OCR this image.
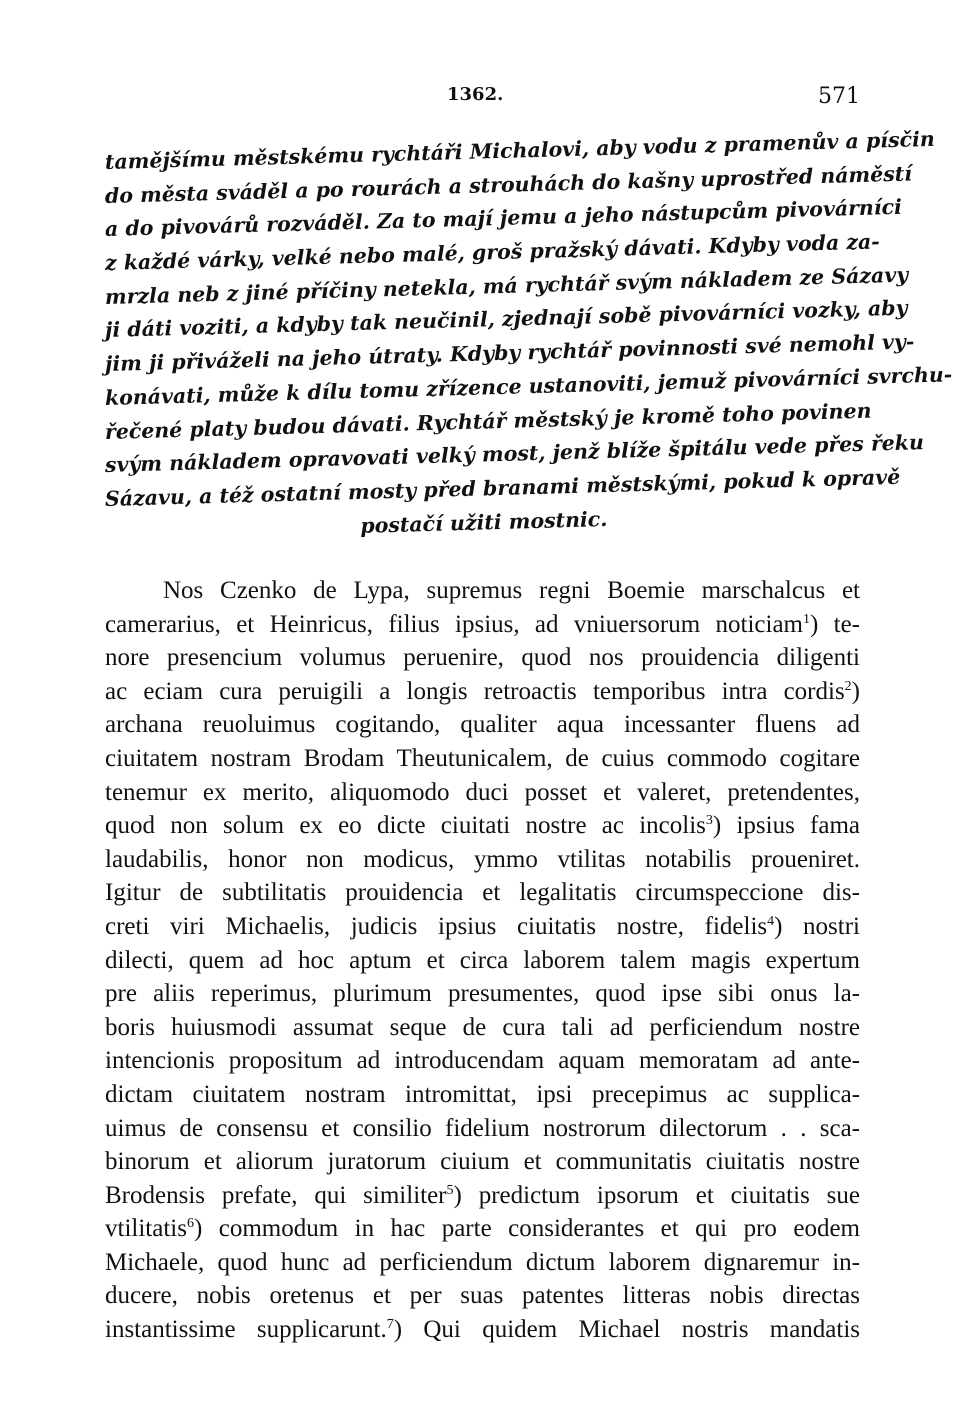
1362.	571
tamějšímu městskému rychtáři Michalovi, aby vodu z pramenův a písčin
do města sváděl a po rourách a strouhách do kašny uprostřed náměstí
a do pivovárů rozváděl. Za to mají jemu a jeho nástupcům pivovárníci
z každé várky, velké nebo malé, groš pražský dávati. Kdyby voda za-
mrzla neb z jiné příčiny netekla, má rychtář svým nákladem ze Sázavy
ji dáti voziti, a kdyby tak neučinil, zjednají sobě pivovárníci vozky, aby
jim ji přiváželi na jeho útraty. Kdyby rychtář povinnosti své nemohl vy-
konávati, může k dílu tomu zřízence ustanoviti, jemuž pivovárníci svrchu-
řečené platy budou dávati. Rychtář městský je kromě toho povinen
svým nákladem opravovati velký most, jenž blíže špitálu vede přes řeku
Sázavu, a též ostatní mosty před branami městskými, pokud k opravě
postačí užiti mostnic.
Nos Czenko de Lypa, supremus regni Boemie marschalcus et
camerarius, et Heinricus, filius ipsius, ad vniuersorum noticiam$^1$) te-
nore presencium volumus peruenire, quod nos prouidencia diligenti
ac eciam cura peruigili a longis retroactis temporibus intra cordis$^2$)
archana reuoluimus cogitando, qualiter aqua incessanter fluens ad
ciuitatem nostram Brodam Theutunicalem, de cuius commodo cogitare
tenemur ex merito, aliquomodo duci posset et valeret, pretendentes,
quod non solum ex eo dicte ciuitati nostre ac incolis$^3$) ipsius fama
laudabilis, honor non modicus, ymmo vtilitas notabilis proueniret.
Igitur de subtilitatis prouidencia et legalitatis circumspeccione dis-
creti viri Michaelis, judicis ipsius ciuitatis nostre, fidelis$^4$) nostri
dilecti, quem ad hoc aptum et circa laborem talem magis expertum
pre aliis reperimus, plurimum presumentes, quod ipse sibi onus la-
boris huiusmodi assumat seque de cura tali ad perficiendum nostre
intencionis propositum ad introducendam aquam memoratam ad ante-
dictam ciuitatem nostram intromittat, ipsi precepimus ac supplica-
uimus de consensu et consilio fidelium nostrorum dilectorum . . sca-
binorum et aliorum juratorum ciuium et communitatis ciuitatis nostre
Brodensis prefate, qui similiter$^5$) predictum ipsorum et ciuitatis sue
vtilitatis$^6$) commodum in hac parte considerantes et qui pro eodem
Michaele, quod hunc ad perficiendum dictum laborem dignaremur in-
ducere, nobis oretenus et per suas patentes litteras nobis directas
instantissime supplicarunt.$^7$) Qui quidem Michael nostris mandatis
